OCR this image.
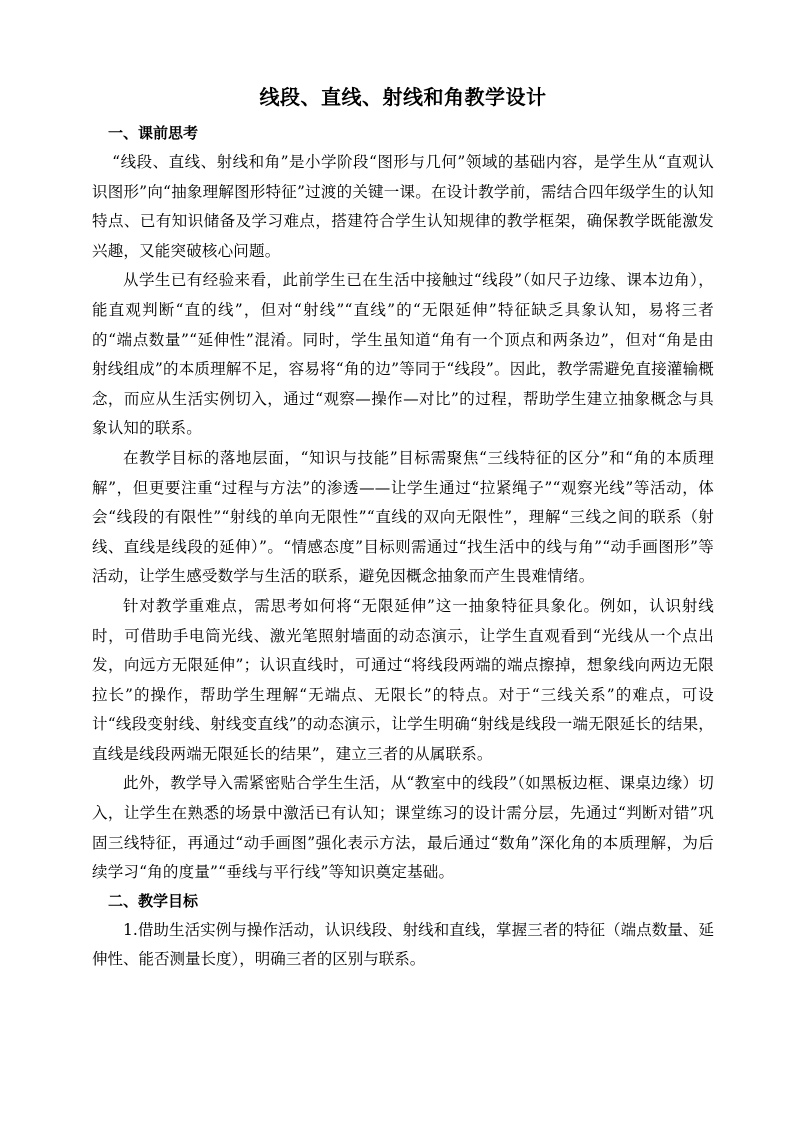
线段、直线、射线和角教学设计
一、课前思考

“线段、直线、射线和角”是小学阶段“图形与几何”领域的基础内容，是学生从“直观认识图形”向“抽象理解图形特征”过渡的关键一课。在设计教学前，需结合四年级学生的认知特点、已有知识储备及学习难点，搭建符合学生认知规律的教学框架，确保教学既能激发兴趣，又能突破核心问题。

从学生已有经验来看，此前学生已在生活中接触过“线段”（如尺子边缘、课本边角），能直观判断“直的线”，但对“射线”“直线”的“无限延伸”特征缺乏具象认知，易将三者的“端点数量”“延伸性”混淆。同时，学生虽知道“角有一个顶点和两条边”，但对“角是由射线组成”的本质理解不足，容易将“角的边”等同于“线段”。因此，教学需避免直接灌输概念，而应从生活实例切入，通过“观察—操作—对比”的过程，帮助学生建立抽象概念与具象认知的联系。

在教学目标的落地层面，“知识与技能”目标需聚焦“三线特征的区分”和“角的本质理解”，但更要注重“过程与方法”的渗透——让学生通过“拉紧绳子”“观察光线”等活动，体会“线段的有限性”“射线的单向无限性”“直线的双向无限性”，理解“三线之间的联系（射线、直线是线段的延伸）”。“情感态度”目标则需通过“找生活中的线与角”“动手画图形”等活动，让学生感受数学与生活的联系，避免因概念抽象而产生畏难情绪。

针对教学重难点，需思考如何将“无限延伸”这一抽象特征具象化。例如，认识射线时，可借助手电筒光线、激光笔照射墙面的动态演示，让学生直观看到“光线从一个点出发，向远方无限延伸”；认识直线时，可通过“将线段两端的端点擦掉，想象线向两边无限拉长”的操作，帮助学生理解“无端点、无限长”的特点。对于“三线关系”的难点，可设计“线段变射线、射线变直线”的动态演示，让学生明确“射线是线段一端无限延长的结果，直线是线段两端无限延长的结果”，建立三者的从属联系。

此外，教学导入需紧密贴合学生生活，从“教室中的线段”（如黑板边框、课桌边缘）切入，让学生在熟悉的场景中激活已有认知；课堂练习的设计需分层，先通过“判断对错”巩固三线特征，再通过“动手画图”强化表示方法，最后通过“数角”深化角的本质理解，为后续学习“角的度量”“垂线与平行线”等知识奠定基础。

二、教学目标

1.借助生活实例与操作活动，认识线段、射线和直线，掌握三者的特征（端点数量、延伸性、能否测量长度），明确三者的区别与联系。
